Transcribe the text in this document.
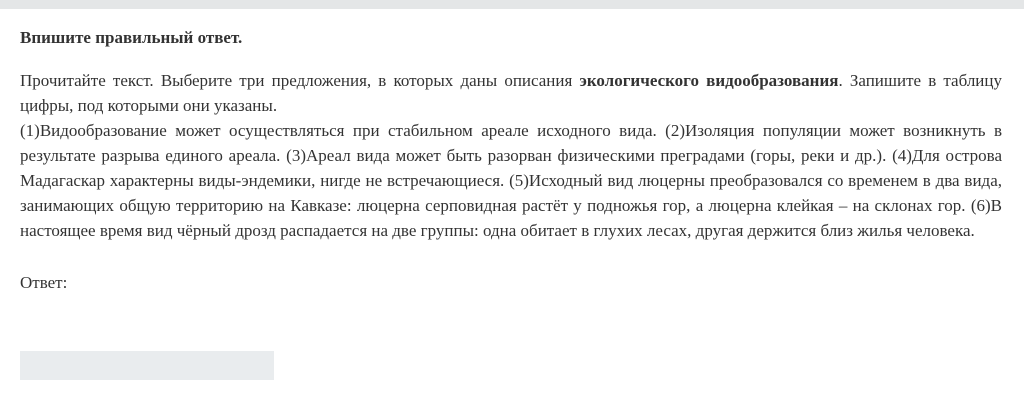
Впишите правильный ответ.

Прочитайте текст. Выберите три предложения, в которых даны описания экологического видообразования. Запишите в таблицу цифры, под которыми они указаны.

(1)Видообразование может осуществляться при стабильном ареале исходного вида. (2)Изоляция популяции может возникнуть в результате разрыва единого ареала. (3)Ареал вида может быть разорван физическими преградами (горы, реки и др.). (4)Для острова Мадагаскар характерны виды-эндемики, нигде не встречающиеся. (5)Исходный вид люцерны преобразовался со временем в два вида, занимающих общую территорию на Кавказе: люцерна серповидная растёт у подножья гор, а люцерна клейкая – на склонах гор. (6)В настоящее время вид чёрный дрозд распадается на две группы: одна обитает в глухих лесах, другая держится близ жилья человека.

Ответ:
